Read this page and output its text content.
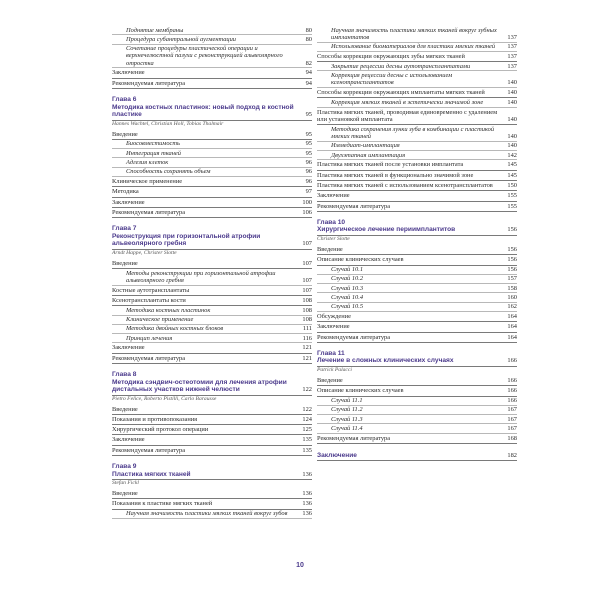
Поднятие мембраны	80
Процедура субантральной аугментации	80
Сочетание процедуры пластической операции и верхнечелюстной пазухи с реконструкцией альвеолярного отростка	82
Заключение	94
Рекомендуемая литература	94
Глава 6
Методика костных пластинок: новый подход в костной пластике	95
Hannes Wachtel, Christian Holl, Tobias Thalmair
Введение	95
Биосовместимость	95
Интеграция тканей	95
Адгезия клеток	96
Способность сохранять объем	96
Клиническое применение	96
Методика	97
Заключение	100
Рекомендуемая литература	106
Глава 7
Реконструкция при горизонтальной атрофии альвеолярного гребня	107
Arndt Happe, Christer Slotte
Введение	107
Методы реконструкции при горизонтальной атрофии альвеолярного гребня	107
Костные аутотрансплантаты	107
Ксенотрансплантаты кости	108
Методика костных пластинок	108
Клиническое применение	108
Методика двойных костных блоков	111
Принцип лечения	116
Заключение	121
Рекомендуемая литература	121
Глава 8
Методика сэндвич-остеотомии для лечения атрофии дистальных участков нижней челюсти	122
Pietro Felice, Roberto Pistilli, Carlo Barausse
Введение	122
Показания и противопоказания	124
Хирургический протокол операции	125
Заключение	135
Рекомендуемая литература	135
Глава 9
Пластика мягких тканей	136
Stefan Fickl
Введение	136
Показания к пластике мягких тканей	136
Научная значимость пластики мягких тканей вокруг зубов	136
Научная значимость пластики мягких тканей вокруг зубных имплантатов	137
Использование биоматериалов для пластики мягких тканей	137
Способы коррекции окружающих зубы мягких тканей	137
Закрытие рецессии десны аутотрансплантатами	137
Коррекция рецессии десны с использованием ксенотрансплантатов	140
Способы коррекции окружающих имплантаты мягких тканей	140
Коррекция мягких тканей в эстетически значимой зоне	140
Пластика мягких тканей, проводимая единовременно с удалением или установкой имплантата	140
Методика сохранения лунки зуба в комбинации с пластикой мягких тканей	140
Иммедиат-имплантация	140
Двухэтапная имплантация	142
Пластика мягких тканей после установки имплантата	145
Пластика мягких тканей в функционально значимой зоне	145
Пластика мягких тканей с использованием ксенотрансплантатов	150
Заключение	155
Рекомендуемая литература	155
Глава 10
Хирургическое лечение периимплантитов	156
Christer Slotte
Введение	156
Описание клинических случаев	156
Случай 10.1	156
Случай 10.2	157
Случай 10.3	158
Случай 10.4	160
Случай 10.5	162
Обсуждение	164
Заключение	164
Рекомендуемая литература	164
Глава 11
Лечение в сложных клинических случаях	166
Patrick Palacci
Введение	166
Описание клинических случаев	166
Случай 11.1	166
Случай 11.2	167
Случай 11.3	167
Случай 11.4	167
Рекомендуемая литература	168
Заключение	182
10
